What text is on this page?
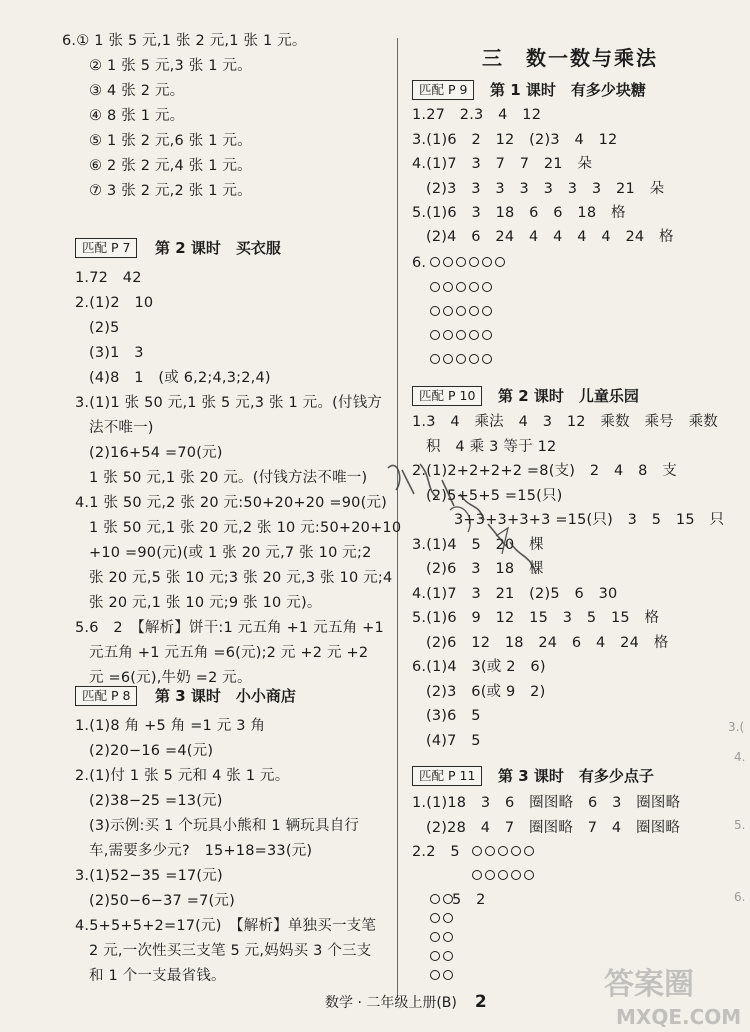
6.① 1 张 5 元,1 张 2 元,1 张 1 元。
② 1 张 5 元,3 张 1 元。
③ 4 张 2 元。
④ 8 张 1 元。
⑤ 1 张 2 元,6 张 1 元。
⑥ 2 张 2 元,4 张 1 元。
⑦ 3 张 2 元,2 张 1 元。
匹配 P 7	第 2 课时　买衣服
1.72　42
2.(1)2　10
(2)5
(3)1　3
(4)8　1　(或 6,2;4,3;2,4)
3.(1)1 张 50 元,1 张 5 元,3 张 1 元。(付钱方
法不唯一)
(2)16+54 =70(元)
1 张 50 元,1 张 20 元。(付钱方法不唯一)
4.1 张 50 元,2 张 20 元:50+20+20 =90(元)
1 张 50 元,1 张 20 元,2 张 10 元:50+20+10
+10 =90(元)(或 1 张 20 元,7 张 10 元;2
张 20 元,5 张 10 元;3 张 20 元,3 张 10 元;4
张 20 元,1 张 10 元;9 张 10 元)。
5.6　2　【解析】饼干:1 元五角 +1 元五角 +1
元五角 +1 元五角 =6(元);2 元 +2 元 +2
元 =6(元),牛奶 =2 元。
匹配 P 8	第 3 课时　小小商店
1.(1)8 角 +5 角 =1 元 3 角
(2)20−16 =4(元)
2.(1)付 1 张 5 元和 4 张 1 元。
(2)38−25 =13(元)
(3)示例:买 1 个玩具小熊和 1 辆玩具自行
车,需要多少元?　15+18=33(元)
3.(1)52−35 =17(元)
(2)50−6−37 =7(元)
4.5+5+5+2=17(元)　【解析】单独买一支笔
2 元,一次性买三支笔 5 元,妈妈买 3 个三支
和 1 个一支最省钱。
三　数一数与乘法
匹配 P 9	第 1 课时　有多少块糖
1.27　2.3　4　12
3.(1)6　2　12　(2)3　4　12
4.(1)7　3　7　7　21　朵
(2)3　3　3　3　3　3　3　21　朵
5.(1)6　3　18　6　6　18　格
(2)4　6　24　4　4　4　4　24　格
6.
匹配 P 10	第 2 课时　儿童乐园
1.3　4　乘法　4　3　12　乘数　乘号　乘数
积　4 乘 3 等于 12
2.(1)2+2+2+2 =8(支)　2　4　8　支
(2)5+5+5 =15(只)
3+3+3+3+3 =15(只)　3　5　15　只
3.(1)4　5　20　棵
(2)6　3　18　棵
4.(1)7　3　21　(2)5　6　30
5.(1)6　9　12　15　3　5　15　格
(2)6　12　18　24　6　4　24　格
6.(1)4　3(或 2　6)
(2)3　6(或 9　2)
(3)6　5
(4)7　5
匹配 P 11	第 3 课时　有多少点子
1.(1)18　3　6　圈图略　6　3　圈图略
(2)28　4　7　圈图略　7　4　圈图略
2.2　5
5　2
3.(
4.
5.
6.
数学 · 二年级上册(B) 2	答案圈
MXQE.COM
